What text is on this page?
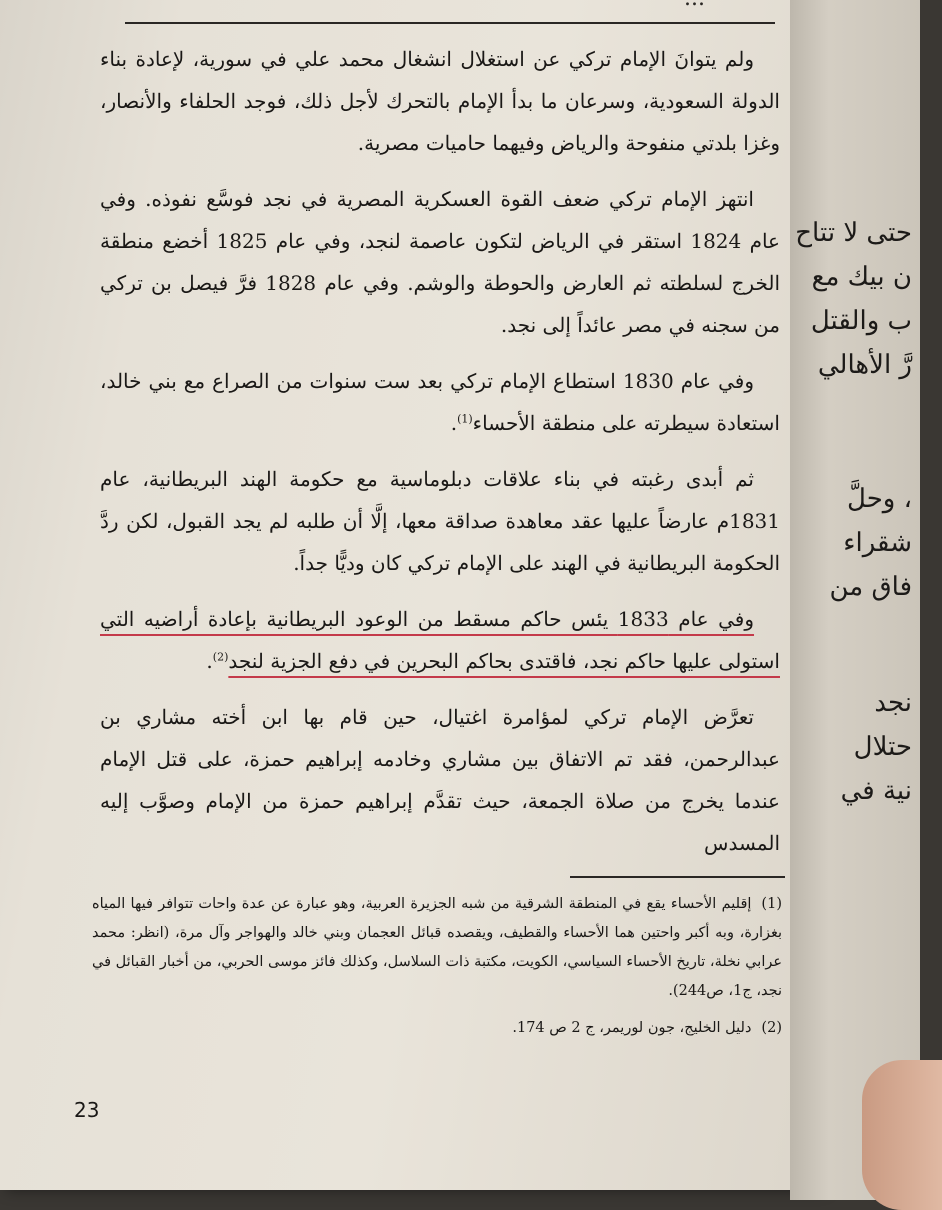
ولم يتوانَ الإمام تركي عن استغلال انشغال محمد علي في سورية، لإعادة بناء الدولة السعودية، وسرعان ما بدأ الإمام بالتحرك لأجل ذلك، فوجد الحلفاء والأنصار، وغزا بلدتي منفوحة والرياض وفيهما حاميات مصرية.

انتهز الإمام تركي ضعف القوة العسكرية المصرية في نجد فوسَّع نفوذه. وفي عام 1824 استقر في الرياض لتكون عاصمة لنجد، وفي عام 1825 أخضع منطقة الخرج لسلطته ثم العارض والحوطة والوشم. وفي عام 1828 فرَّ فيصل بن تركي من سجنه في مصر عائداً إلى نجد.

وفي عام 1830 استطاع الإمام تركي بعد ست سنوات من الصراع مع بني خالد، استعادة سيطرته على منطقة الأحساء$^{(1)}$.

ثم أبدى رغبته في بناء علاقات دبلوماسية مع حكومة الهند البريطانية، عام 1831م عارضاً عليها عقد معاهدة صداقة معها، إلَّا أن طلبه لم يجد القبول، لكن ردَّ الحكومة البريطانية في الهند على الإمام تركي كان وديًّا جداً.

وفي عام 1833 يئس حاكم مسقط من الوعود البريطانية بإعادة أراضيه التي استولى عليها حاكم نجد، فاقتدى بحاكم البحرين في دفع الجزية لنجد$^{(2)}$.

تعرَّض الإمام تركي لمؤامرة اغتيال، حين قام بها ابن أخته مشاري بن عبدالرحمن، فقد تم الاتفاق بين مشاري وخادمه إبراهيم حمزة، على قتل الإمام عندما يخرج من صلاة الجمعة، حيث تقدَّم إبراهيم حمزة من الإمام وصوَّب إليه المسدس

(1)إقليم الأحساء يقع في المنطقة الشرقية من شبه الجزيرة العربية، وهو عبارة عن عدة واحات تتوافر فيها المياه بغزارة، وبه أكبر واحتين هما الأحساء والقطيف، ويقصده قبائل العجمان وبني خالد والهواجر وآل مرة، (انظر: محمد عرابي نخلة، تاريخ الأحساء السياسي، الكويت، مكتبة ذات السلاسل، وكذلك فائز موسى الحربي، من أخبار القبائل في نجد، ج1، ص244).

(2)دليل الخليج، جون لوريمر، ج 2 ص 174.

23
حتى لا تتاح
ن بيك مع
ب والقتل
رَّ الأهالي
، وحلَّ
شقراء
فاق من
نجد
حتلال
نية في
